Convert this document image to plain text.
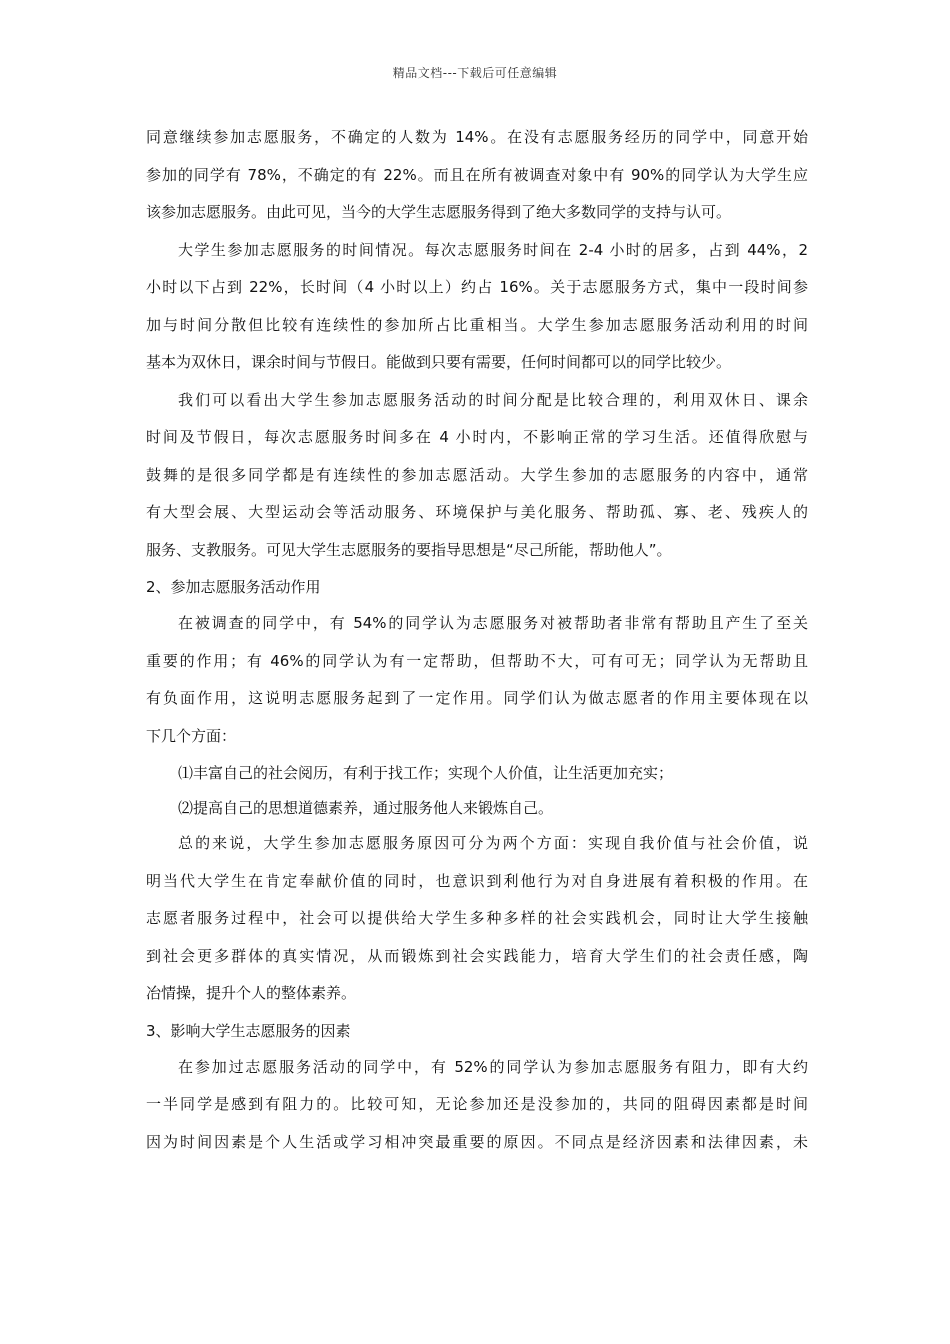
精品文档---下载后可任意编辑
同意继续参加志愿服务，不确定的人数为 14%。在没有志愿服务经历的同学中，同意开始
参加的同学有 78%，不确定的有 22%。而且在所有被调查对象中有 90%的同学认为大学生应
该参加志愿服务。由此可见，当今的大学生志愿服务得到了绝大多数同学的支持与认可。
大学生参加志愿服务的时间情况。每次志愿服务时间在 2-4 小时的居多，占到 44%，2
小时以下占到 22%，长时间（4 小时以上）约占 16%。关于志愿服务方式，集中一段时间参
加与时间分散但比较有连续性的参加所占比重相当。大学生参加志愿服务活动利用的时间
基本为双休日，课余时间与节假日。能做到只要有需要，任何时间都可以的同学比较少。
我们可以看出大学生参加志愿服务活动的时间分配是比较合理的，利用双休日、课余
时间及节假日，每次志愿服务时间多在 4 小时内，不影响正常的学习生活。还值得欣慰与
鼓舞的是很多同学都是有连续性的参加志愿活动。大学生参加的志愿服务的内容中，通常
有大型会展、大型运动会等活动服务、环境保护与美化服务、帮助孤、寡、老、残疾人的
服务、支教服务。可见大学生志愿服务的要指导思想是“尽己所能，帮助他人”。
2、参加志愿服务活动作用
在被调查的同学中，有 54%的同学认为志愿服务对被帮助者非常有帮助且产生了至关
重要的作用；有 46%的同学认为有一定帮助，但帮助不大，可有可无；同学认为无帮助且
有负面作用，这说明志愿服务起到了一定作用。同学们认为做志愿者的作用主要体现在以
下几个方面：
⑴丰富自己的社会阅历，有利于找工作；实现个人价值，让生活更加充实；
⑵提高自己的思想道德素养，通过服务他人来锻炼自己。
总的来说，大学生参加志愿服务原因可分为两个方面：实现自我价值与社会价值，说
明当代大学生在肯定奉献价值的同时，也意识到利他行为对自身进展有着积极的作用。在
志愿者服务过程中，社会可以提供给大学生多种多样的社会实践机会，同时让大学生接触
到社会更多群体的真实情况，从而锻炼到社会实践能力，培育大学生们的社会责任感，陶
冶情操，提升个人的整体素养。
3、影响大学生志愿服务的因素
在参加过志愿服务活动的同学中，有 52%的同学认为参加志愿服务有阻力，即有大约
一半同学是感到有阻力的。比较可知，无论参加还是没参加的，共同的阻碍因素都是时间
因为时间因素是个人生活或学习相冲突最重要的原因。不同点是经济因素和法律因素，未
